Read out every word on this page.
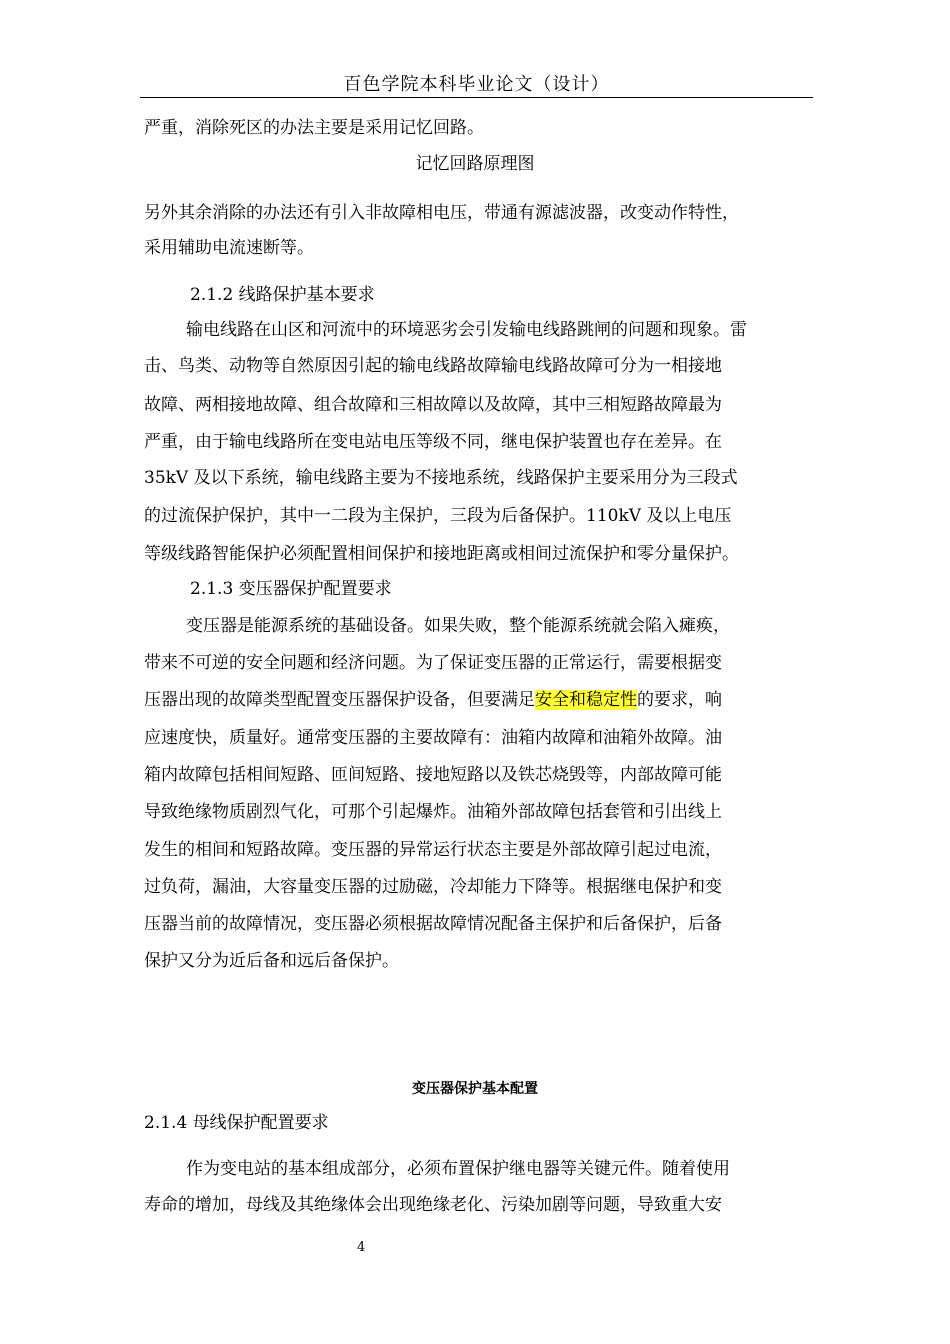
百色学院本科毕业论文（设计）
严重，消除死区的办法主要是采用记忆回路。
记忆回路原理图
另外其余消除的办法还有引入非故障相电压，带通有源滤波器，改变动作特性，
采用辅助电流速断等。
2.1.2 线路保护基本要求
输电线路在山区和河流中的环境恶劣会引发输电线路跳闸的问题和现象。雷
击、鸟类、动物等自然原因引起的输电线路故障输电线路故障可分为一相接地
故障、两相接地故障、组合故障和三相故障以及故障，其中三相短路故障最为
严重，由于输电线路所在变电站电压等级不同，继电保护装置也存在差异。在
35kV 及以下系统，输电线路主要为不接地系统，线路保护主要采用分为三段式
的过流保护保护，其中一二段为主保护，三段为后备保护。110kV 及以上电压
等级线路智能保护必须配置相间保护和接地距离或相间过流保护和零分量保护。
2.1.3 变压器保护配置要求
变压器是能源系统的基础设备。如果失败，整个能源系统就会陷入瘫痪，
带来不可逆的安全问题和经济问题。为了保证变压器的正常运行，需要根据变
压器出现的故障类型配置变压器保护设备，但要满足安全和稳定性的要求，响
应速度快，质量好。通常变压器的主要故障有：油箱内故障和油箱外故障。油
箱内故障包括相间短路、匝间短路、接地短路以及铁芯烧毁等，内部故障可能
导致绝缘物质剧烈气化，可那个引起爆炸。油箱外部故障包括套管和引出线上
发生的相间和短路故障。变压器的异常运行状态主要是外部故障引起过电流，
过负荷，漏油，大容量变压器的过励磁，冷却能力下降等。根据继电保护和变
压器当前的故障情况，变压器必须根据故障情况配备主保护和后备保护，后备
保护又分为近后备和远后备保护。
变压器保护基本配置
2.1.4 母线保护配置要求
作为变电站的基本组成部分，必须布置保护继电器等关键元件。随着使用
寿命的增加，母线及其绝缘体会出现绝缘老化、污染加剧等问题，导致重大安
4
